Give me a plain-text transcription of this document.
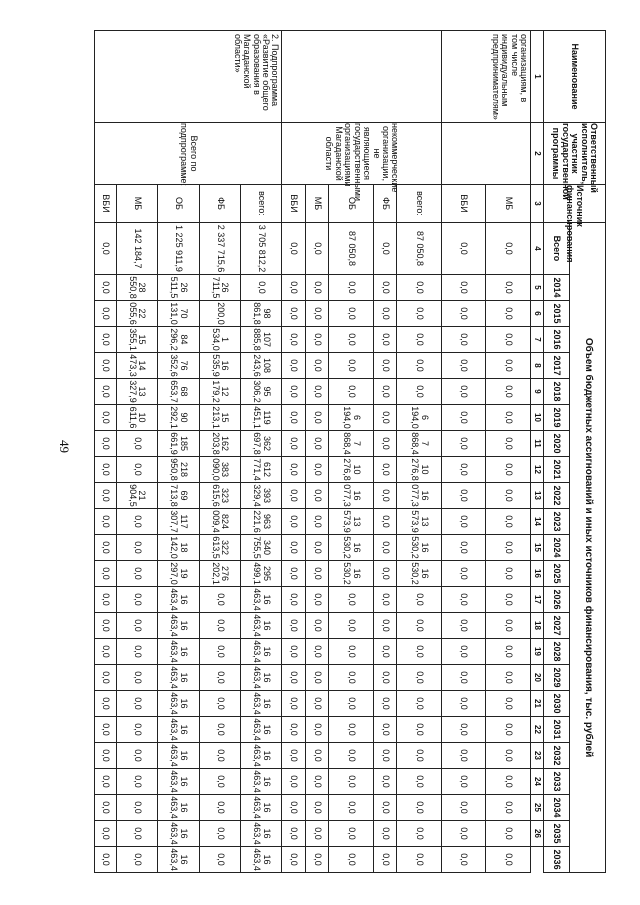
49
Наименование	Ответственный исполнитель, участник государственной программы	Источник финансирования	Объем бюджетных ассигнований и иных источников финансирования, тыс. рублей																							
			Всего	2014	2015	2016	2017	2018	2019	2020	2021	2022	2023	2024	2025	2026	2027	2028	2029	2030	2031	2032	2033	2034	2035	2036
1	2	3	4	5	6	7	8	9	10	11	12	13	14	15	16	17	18	19	20	21	22	23	24	25	26	
организациям, в том числе индивидуальным предпринимателям»		МБ	0,0	0,0	0,0	0,0	0,0	0,0	0,0	0,0	0,0	0,0	0,0	0,0	0,0	0,0	0,0	0,0	0,0	0,0	0,0	0,0	0,0	0,0	0,0	0,0
		ВБИ	0,0	0,0	0,0	0,0	0,0	0,0	0,0	0,0	0,0	0,0	0,0	0,0	0,0	0,0	0,0	0,0	0,0	0,0	0,0	0,0	0,0	0,0	0,0	0,0
	некоммерческие организации, не являющиеся государственными организациями Магаданской области	всего:	87 050,8	0,0	0,0	0,0	0,0	0,0	6 194,0	7 868,4	10 276,8	16 077,3	13 573,9	16 530,2	16 530,2	0,0	0,0	0,0	0,0	0,0	0,0	0,0	0,0	0,0	0,0	0,0
		ФБ	0,0	0,0	0,0	0,0	0,0	0,0	0,0	0,0	0,0	0,0	0,0	0,0	0,0	0,0	0,0	0,0	0,0	0,0	0,0	0,0	0,0	0,0	0,0	0,0
		ОБ	87 050,8	0,0	0,0	0,0	0,0	0,0	6 194,0	7 868,4	10 276,8	16 077,3	13 573,9	16 530,2	16 530,2	0,0	0,0	0,0	0,0	0,0	0,0	0,0	0,0	0,0	0,0	0,0
		МБ	0,0	0,0	0,0	0,0	0,0	0,0	0,0	0,0	0,0	0,0	0,0	0,0	0,0	0,0	0,0	0,0	0,0	0,0	0,0	0,0	0,0	0,0	0,0	0,0
		ВБИ	0,0	0,0	0,0	0,0	0,0	0,0	0,0	0,0	0,0	0,0	0,0	0,0	0,0	0,0	0,0	0,0	0,0	0,0	0,0	0,0	0,0	0,0	0,0	0,0
2. Подпрограмма «Развитие общего образования в Магаданской области»	Всего по подпрограмме:	всего:	3 705 812,2	0,0	98 861,8	107 885,8	108 243,6	95 306,2	119 451,1	362 697,8	612 771,4	393 329,4	963 221,6	340 755,5	295 499,1	16 463,4	16 463,4	16 463,4	16 463,4	16 463,4	16 463,4	16 463,4	16 463,4	16 463,4	16 463,4	16 463,4
		ФБ	2 337 715,6	26 711,5	200,0	1 534,0	16 535,9	12 179,2	15 213,1	162 203,8	383 090,0	323 615,6	824 009,4	322 613,5	276 202,1	0,0	0,0	0,0	0,0	0,0	0,0	0,0	0,0	0,0	0,0	0,0
		ОБ	1 225 911,9	26 511,5	70 131,0	84 296,2	76 352,6	68 653,7	90 292,1	185 661,9	218 950,8	69 713,8	117 307,7	18 142,0	19 297,0	16 463,4	16 463,4	16 463,4	16 463,4	16 463,4	16 463,4	16 463,4	16 463,4	16 463,4	16 463,4	16 463,4
		МБ	142 184,7	28 550,8	22 055,6	15 355,1	14 473,3	13 327,9	10 611,6	0,0	0,0	21 904,5	0,0	0,0	0,0	0,0	0,0	0,0	0,0	0,0	0,0	0,0	0,0	0,0	0,0	0,0
		ВБИ	0,0	0,0	0,0	0,0	0,0	0,0	0,0	0,0	0,0	0,0	0,0	0,0	0,0	0,0	0,0	0,0	0,0	0,0	0,0	0,0	0,0	0,0	0,0	0,0
